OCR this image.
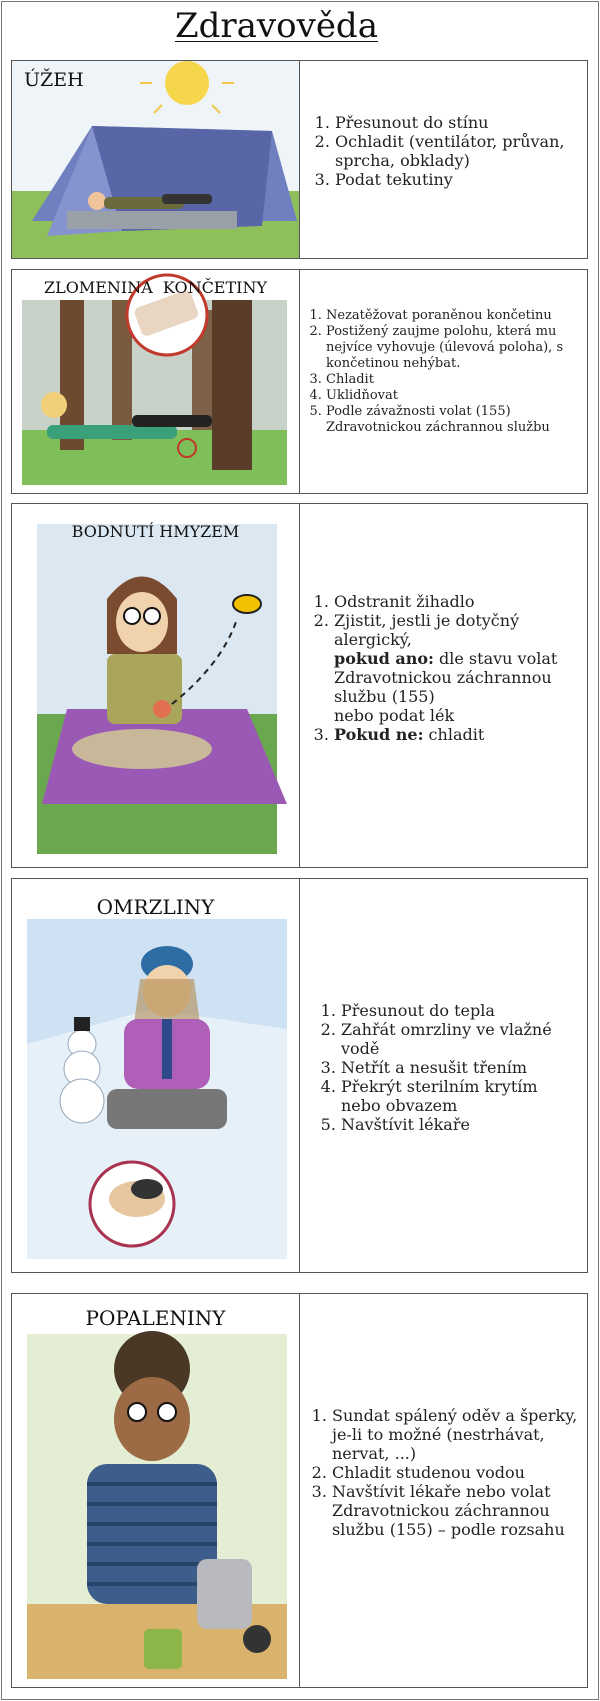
Zdravověda
ÚŽEH
1. Přesunout do stínu
2. Ochladit (ventilátor, průvan, sprcha, obklady)
3. Podat tekutiny
ZLOMENINA  KONČETINY
1. Nezatěžovat poraněnou končetinu
2. Postižený zaujme polohu, která mu nejvíce vyhovuje (úlevová poloha), s končetinou nehýbat.
3. Chladit
4. Uklidňovat
5. Podle závažnosti volat (155) Zdravotnickou záchrannou službu
BODNUTÍ HMYZEM
1. Odstranit žihadlo
2. Zjistit, jestli je dotyčný alergický,
pokud ano: dle stavu volat Zdravotnickou záchrannou službu (155)
nebo podat lék
3. Pokud ne: chladit
OMRZLINY
1. Přesunout do tepla
2. Zahřát omrzliny ve vlažné vodě
3. Netřít a nesušit třením
4. Překrýt sterilním krytím nebo obvazem
5. Navštívit lékaře
POPALENINY
1. Sundat spálený oděv a šperky, je-li to možné (nestrhávat, nervat, ...)
2. Chladit studenou vodou
3. Navštívit lékaře nebo volat Zdravotnickou záchrannou službu (155) – podle rozsahu
